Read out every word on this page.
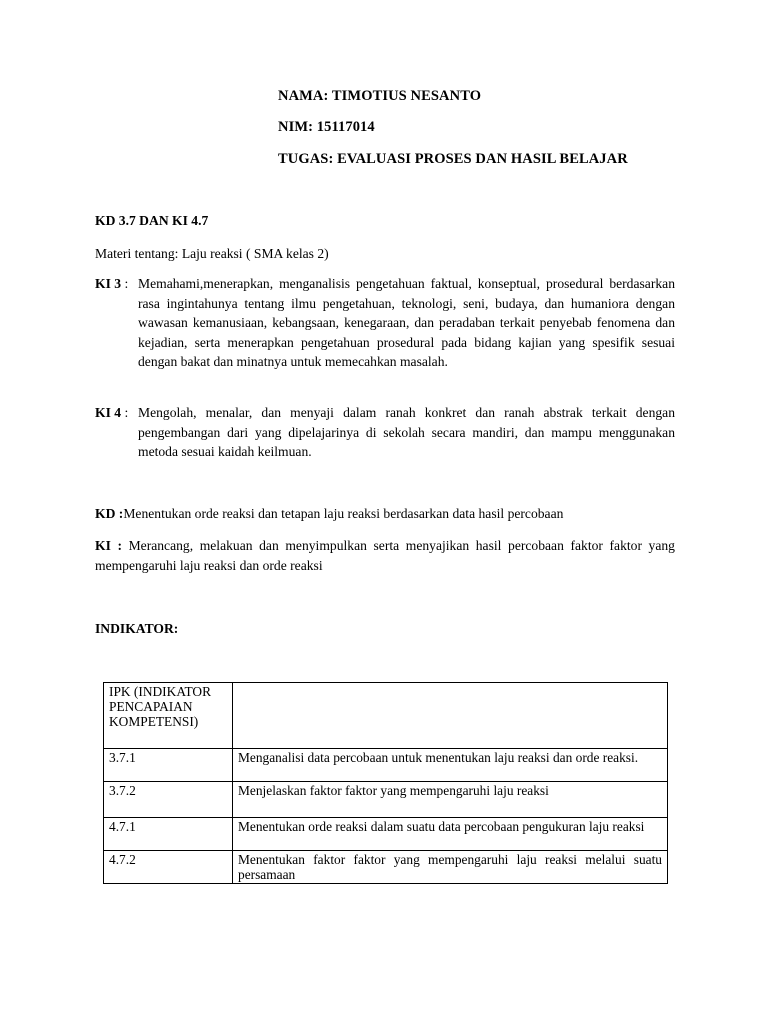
NAMA: TIMOTIUS NESANTO
NIM: 15117014
TUGAS: EVALUASI PROSES DAN HASIL BELAJAR
KD 3.7 DAN KI 4.7
Materi tentang: Laju reaksi ( SMA kelas 2)
KI 3 : Memahami,menerapkan, menganalisis pengetahuan faktual, konseptual, prosedural berdasarkan rasa ingintahunya tentang ilmu pengetahuan, teknologi, seni, budaya, dan humaniora dengan wawasan kemanusiaan, kebangsaan, kenegaraan, dan peradaban terkait penyebab fenomena dan kejadian, serta menerapkan pengetahuan prosedural pada bidang kajian yang spesifik sesuai dengan bakat dan minatnya untuk memecahkan masalah.
KI 4 : Mengolah, menalar, dan menyaji dalam ranah konkret dan ranah abstrak terkait dengan pengembangan dari yang dipelajarinya di sekolah secara mandiri, dan mampu menggunakan metoda sesuai kaidah keilmuan.
KD :Menentukan orde reaksi dan tetapan laju reaksi berdasarkan data hasil percobaan
KI : Merancang, melakuan dan menyimpulkan serta menyajikan hasil percobaan faktor faktor yang mempengaruhi laju reaksi dan orde reaksi
INDIKATOR:
IPK (INDIKATOR PENCAPAIAN KOMPETENSI)	
3.7.1	Menganalisi data percobaan untuk menentukan laju reaksi dan orde reaksi.
3.7.2	Menjelaskan faktor faktor yang mempengaruhi laju reaksi
4.7.1	Menentukan orde reaksi dalam suatu data percobaan pengukuran laju reaksi
4.7.2	Menentukan faktor faktor yang mempengaruhi laju reaksi melalui suatu persamaan
